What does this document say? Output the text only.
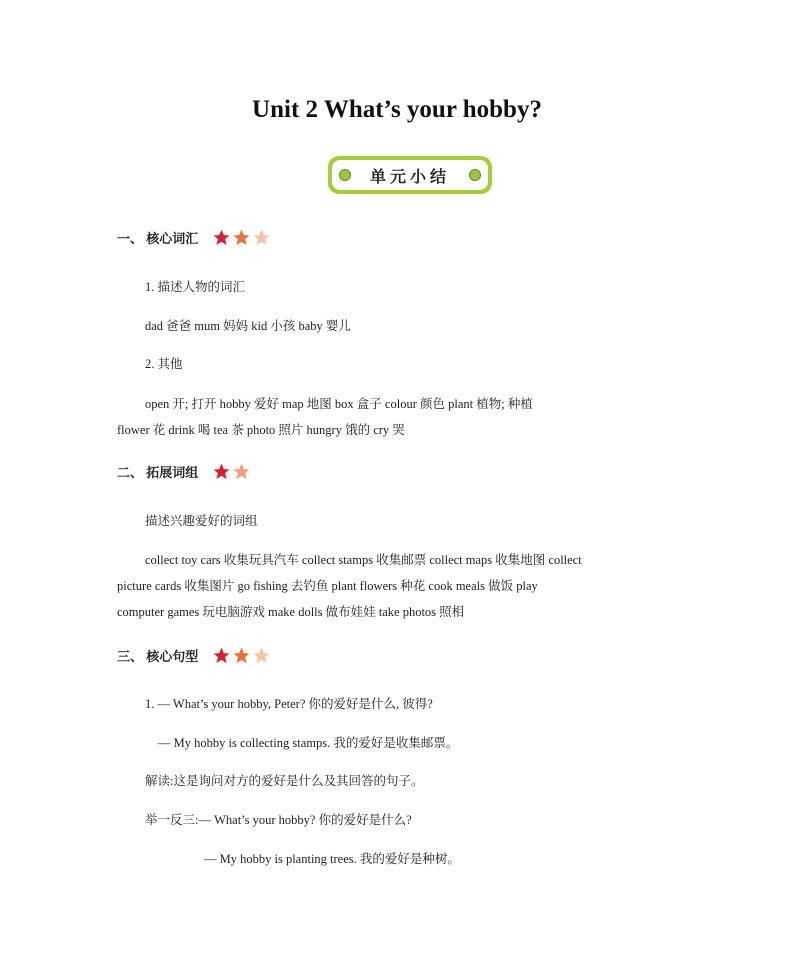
Unit 2 What’s your hobby?
单元小结
一、 核心词汇
1. 描述人物的词汇
dad 爸爸 mum 妈妈 kid 小孩 baby 婴儿
2. 其他
open 开; 打开 hobby 爱好 map 地图 box 盒子 colour 颜色 plant 植物; 种植
flower 花 drink 喝 tea 茶 photo 照片 hungry 饿的 cry 哭
二、 拓展词组
描述兴趣爱好的词组
collect toy cars 收集玩具汽车 collect stamps 收集邮票 collect maps 收集地图 collect
picture cards 收集图片 go fishing 去钓鱼 plant flowers 种花 cook meals 做饭 play
computer games 玩电脑游戏 make dolls 做布娃娃 take photos 照相
三、 核心句型
1. — What’s your hobby, Peter? 你的爱好是什么, 彼得?
— My hobby is collecting stamps. 我的爱好是收集邮票。
解读:这是询问对方的爱好是什么及其回答的句子。
举一反三:— What’s your hobby? 你的爱好是什么?
— My hobby is planting trees. 我的爱好是种树。
